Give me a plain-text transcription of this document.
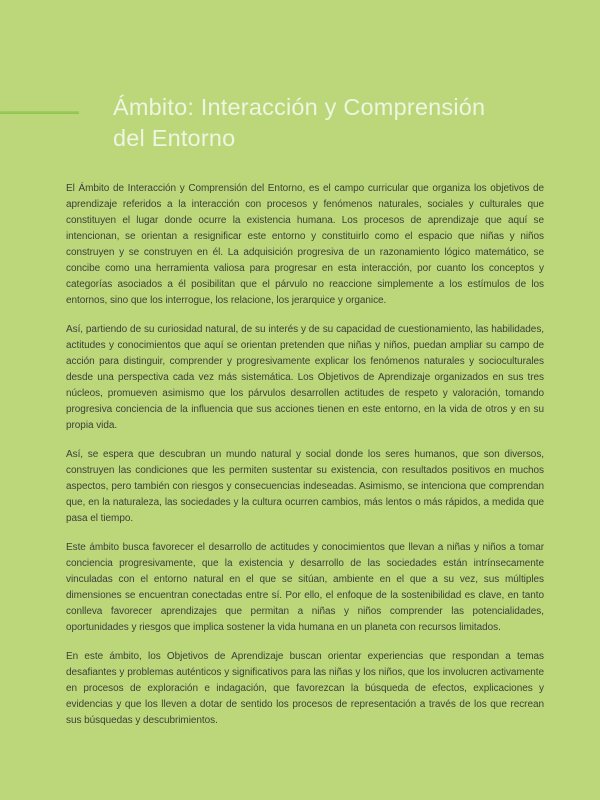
Ámbito: Interacción y Comprensión
del Entorno

El Ámbito de Interacción y Comprensión del Entorno, es el campo curricular que organiza los objetivos de aprendizaje referidos a la interacción con procesos y fenómenos naturales, sociales y culturales que constituyen el lugar donde ocurre la existencia humana. Los procesos de aprendizaje que aquí se intencionan, se orientan a resignificar este entorno y constituirlo como el espacio que niñas y niños construyen y se construyen en él. La adquisición progresiva de un razonamiento lógico matemático, se concibe como una herramienta valiosa para progresar en esta interacción, por cuanto los conceptos y categorías asociados a él posibilitan que el párvulo no reaccione simplemente a los estímulos de los entornos, sino que los interrogue, los relacione, los jerarquice y organice.

Así, partiendo de su curiosidad natural, de su interés y de su capacidad de cuestionamiento, las habilidades, actitudes y conocimientos que aquí se orientan pretenden que niñas y niños, puedan ampliar su campo de acción para distinguir, comprender y progresivamente explicar los fenómenos naturales y socioculturales desde una perspectiva cada vez más sistemática. Los Objetivos de Aprendizaje organizados en sus tres núcleos, promueven asimismo que los párvulos desarrollen actitudes de respeto y valoración, tomando progresiva conciencia de la influencia que sus acciones tienen en este entorno, en la vida de otros y en su propia vida.

Así, se espera que descubran un mundo natural y social donde los seres humanos, que son diversos, construyen las condiciones que les permiten sustentar su existencia, con resultados positivos en muchos aspectos, pero también con riesgos y consecuencias indeseadas. Asimismo, se intenciona que comprendan que, en la naturaleza, las sociedades y la cultura ocurren cambios, más lentos o más rápidos, a medida que pasa el tiempo.

Este ámbito busca favorecer el desarrollo de actitudes y conocimientos que llevan a niñas y niños a tomar conciencia progresivamente, que la existencia y desarrollo de las sociedades están intrínsecamente vinculadas con el entorno natural en el que se sitúan, ambiente en el que a su vez, sus múltiples dimensiones se encuentran conectadas entre sí. Por ello, el enfoque de la sostenibilidad es clave, en tanto conlleva favorecer aprendizajes que permitan a niñas y niños comprender las potencialidades, oportunidades y riesgos que implica sostener la vida humana en un planeta con recursos limitados.

En este ámbito, los Objetivos de Aprendizaje buscan orientar experiencias que respondan a temas desafiantes y problemas auténticos y significativos para las niñas y los niños, que los involucren activamente en procesos de exploración e indagación, que favorezcan la búsqueda de efectos, explicaciones y evidencias y que los lleven a dotar de sentido los procesos de representación a través de los que recrean sus búsquedas y descubrimientos.
